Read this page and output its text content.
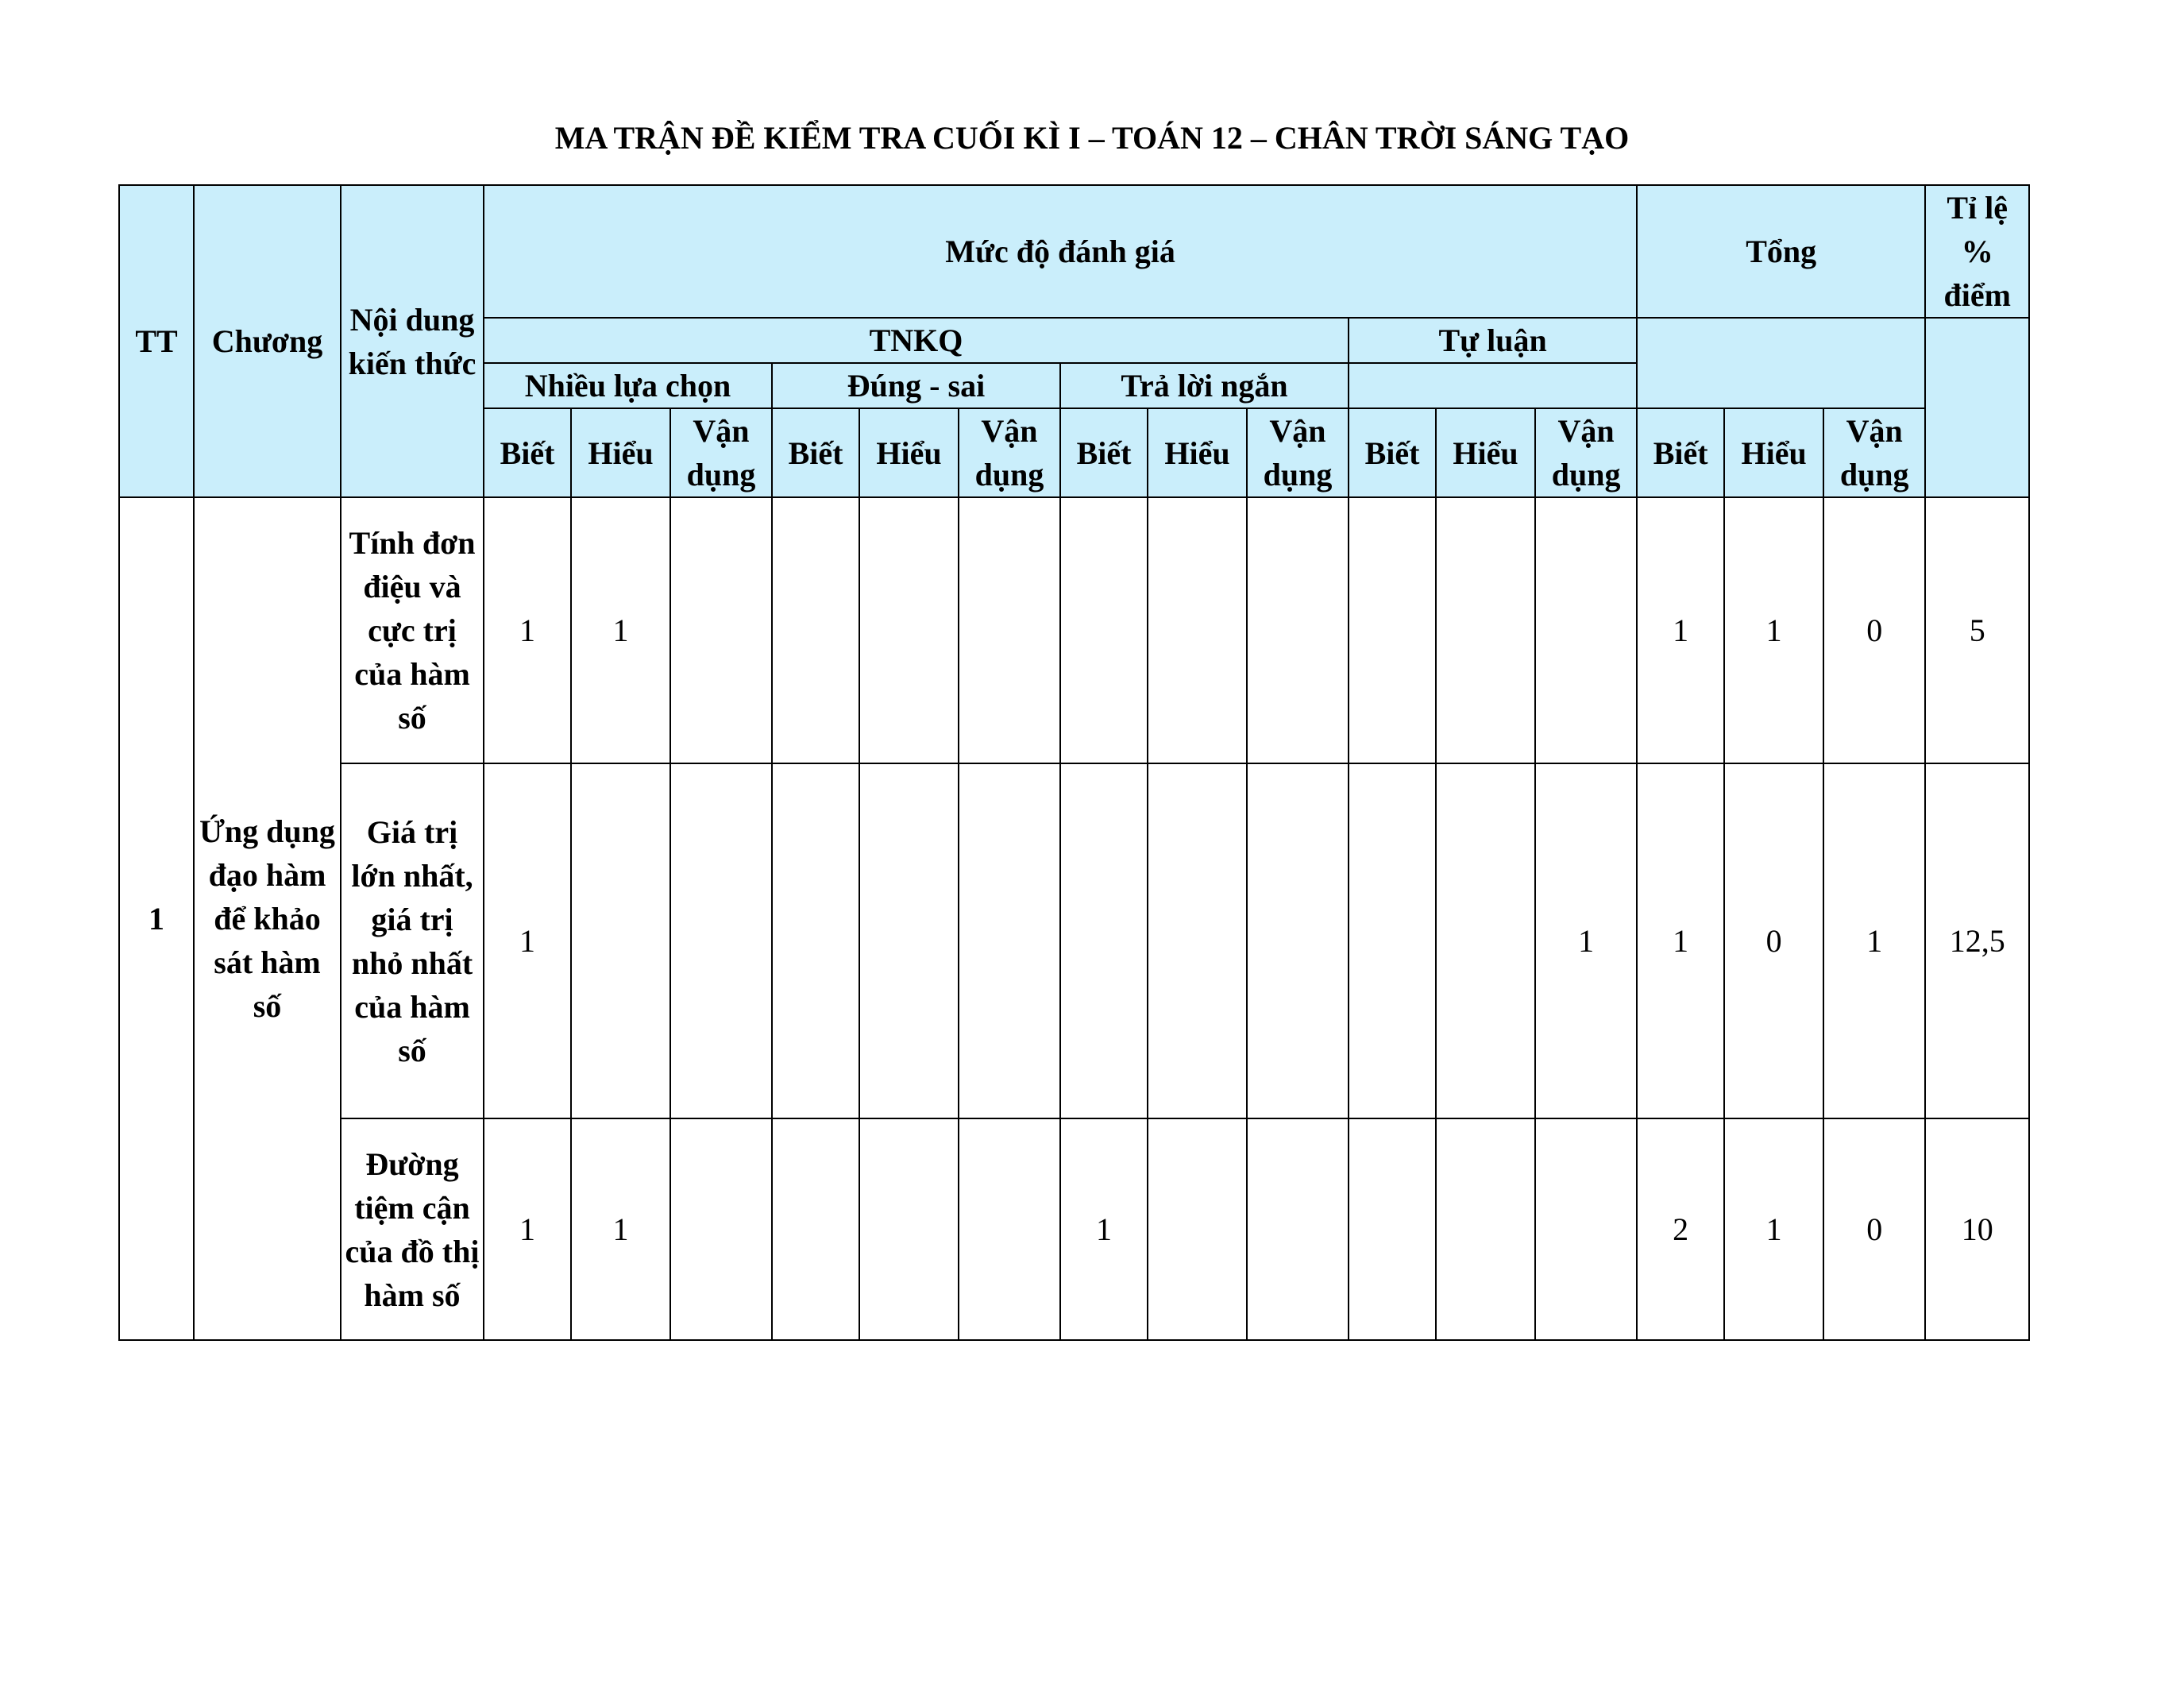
MA TRẬN ĐỀ KIỂM TRA CUỐI KÌ I – TOÁN 12 – CHÂN TRỜI SÁNG TẠO
TT	Chương	Nội dung kiến thức	Mức độ đánh giá												Tổng			Tỉ lệ % điểm
			TNKQ									Tự luận						
			Nhiều lựa chọn			Đúng - sai			Trả lời ngắn									
			Biết	Hiểu	Vận dụng	Biết	Hiểu	Vận dụng	Biết	Hiểu	Vận dụng	Biết	Hiểu	Vận dụng	Biết	Hiểu	Vận dụng	
1	Ứng dụng đạo hàm để khảo sát hàm số	Tính đơn điệu và cực trị của hàm số	1	1											1	1	0	5
		Giá trị lớn nhất, giá trị nhỏ nhất của hàm số	1											1	1	0	1	12,5
		Đường tiệm cận của đồ thị hàm số	1	1					1						2	1	0	10
